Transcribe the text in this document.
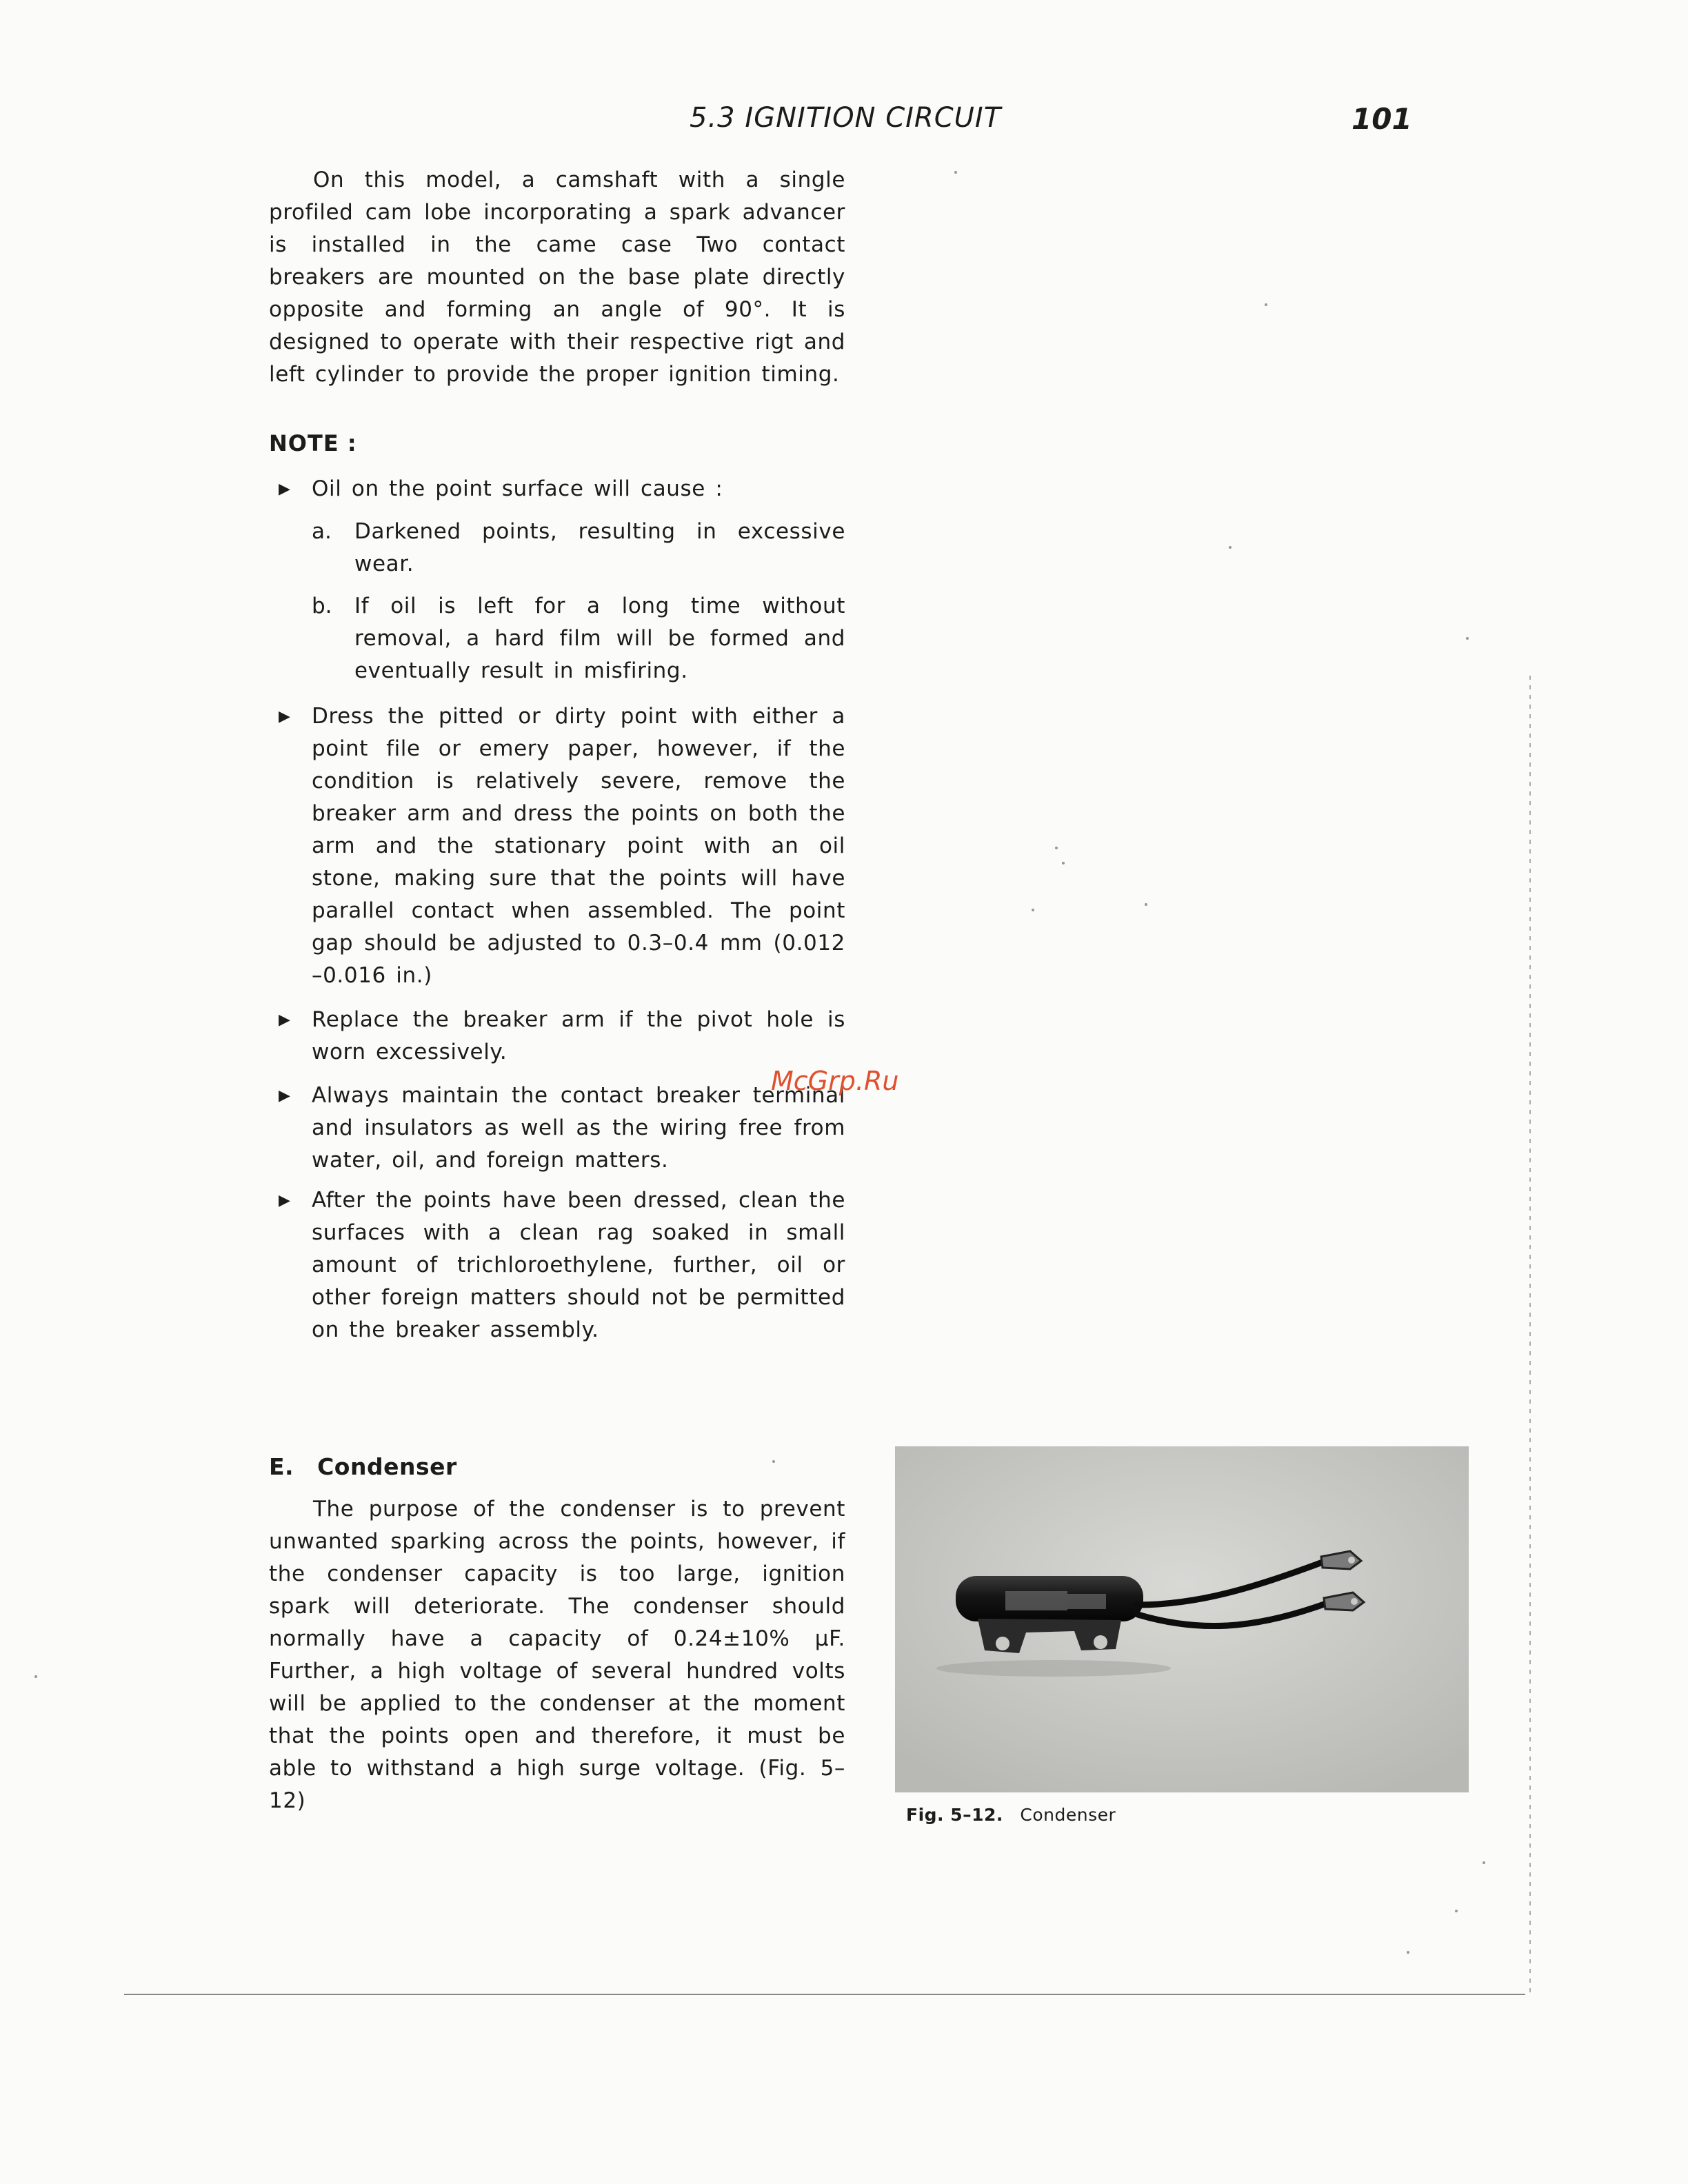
5.3 IGNITION CIRCUIT	101

On this model, a camshaft with a single profiled cam lobe incorporating a spark advancer is installed in the came case Two contact breakers are mounted on the base plate directly opposite and forming an angle of 90°. It is designed to operate with their respective rigt and left cylinder to provide the proper ignition timing.

NOTE :
▶ Oil on the point surface will cause :
a. Darkened points, resulting in excessive wear.
b. If oil is left for a long time without removal, a hard film will be formed and eventually result in misfiring.
▶ Dress the pitted or dirty point with either a point file or emery paper, however, if the condition is relatively severe, remove the breaker arm and dress the points on both the arm and the stationary point with an oil stone, making sure that the points will have parallel contact when assembled. The point gap should be adjusted to 0.3–0.4 mm (0.012 –0.016 in.)
▶ Replace the breaker arm if the pivot hole is worn excessively.
▶ Always maintain the contact breaker terminal and insulators as well as the wiring free from water, oil, and foreign matters.
▶ After the points have been dressed, clean the surfaces with a clean rag soaked in small amount of trichloroethylene, further, oil or other foreign matters should not be permitted on the breaker assembly.
McGrp.Ru
E. Condenser

The purpose of the condenser is to prevent unwanted sparking across the points, however, if the condenser capacity is too large, ignition spark will deteriorate. The condenser should normally have a capacity of 0.24±10% µF. Further, a high voltage of several hundred volts will be applied to the condenser at the moment that the points open and therefore, it must be able to withstand a high surge voltage. (Fig. 5–12)

Fig. 5–12. Condenser
